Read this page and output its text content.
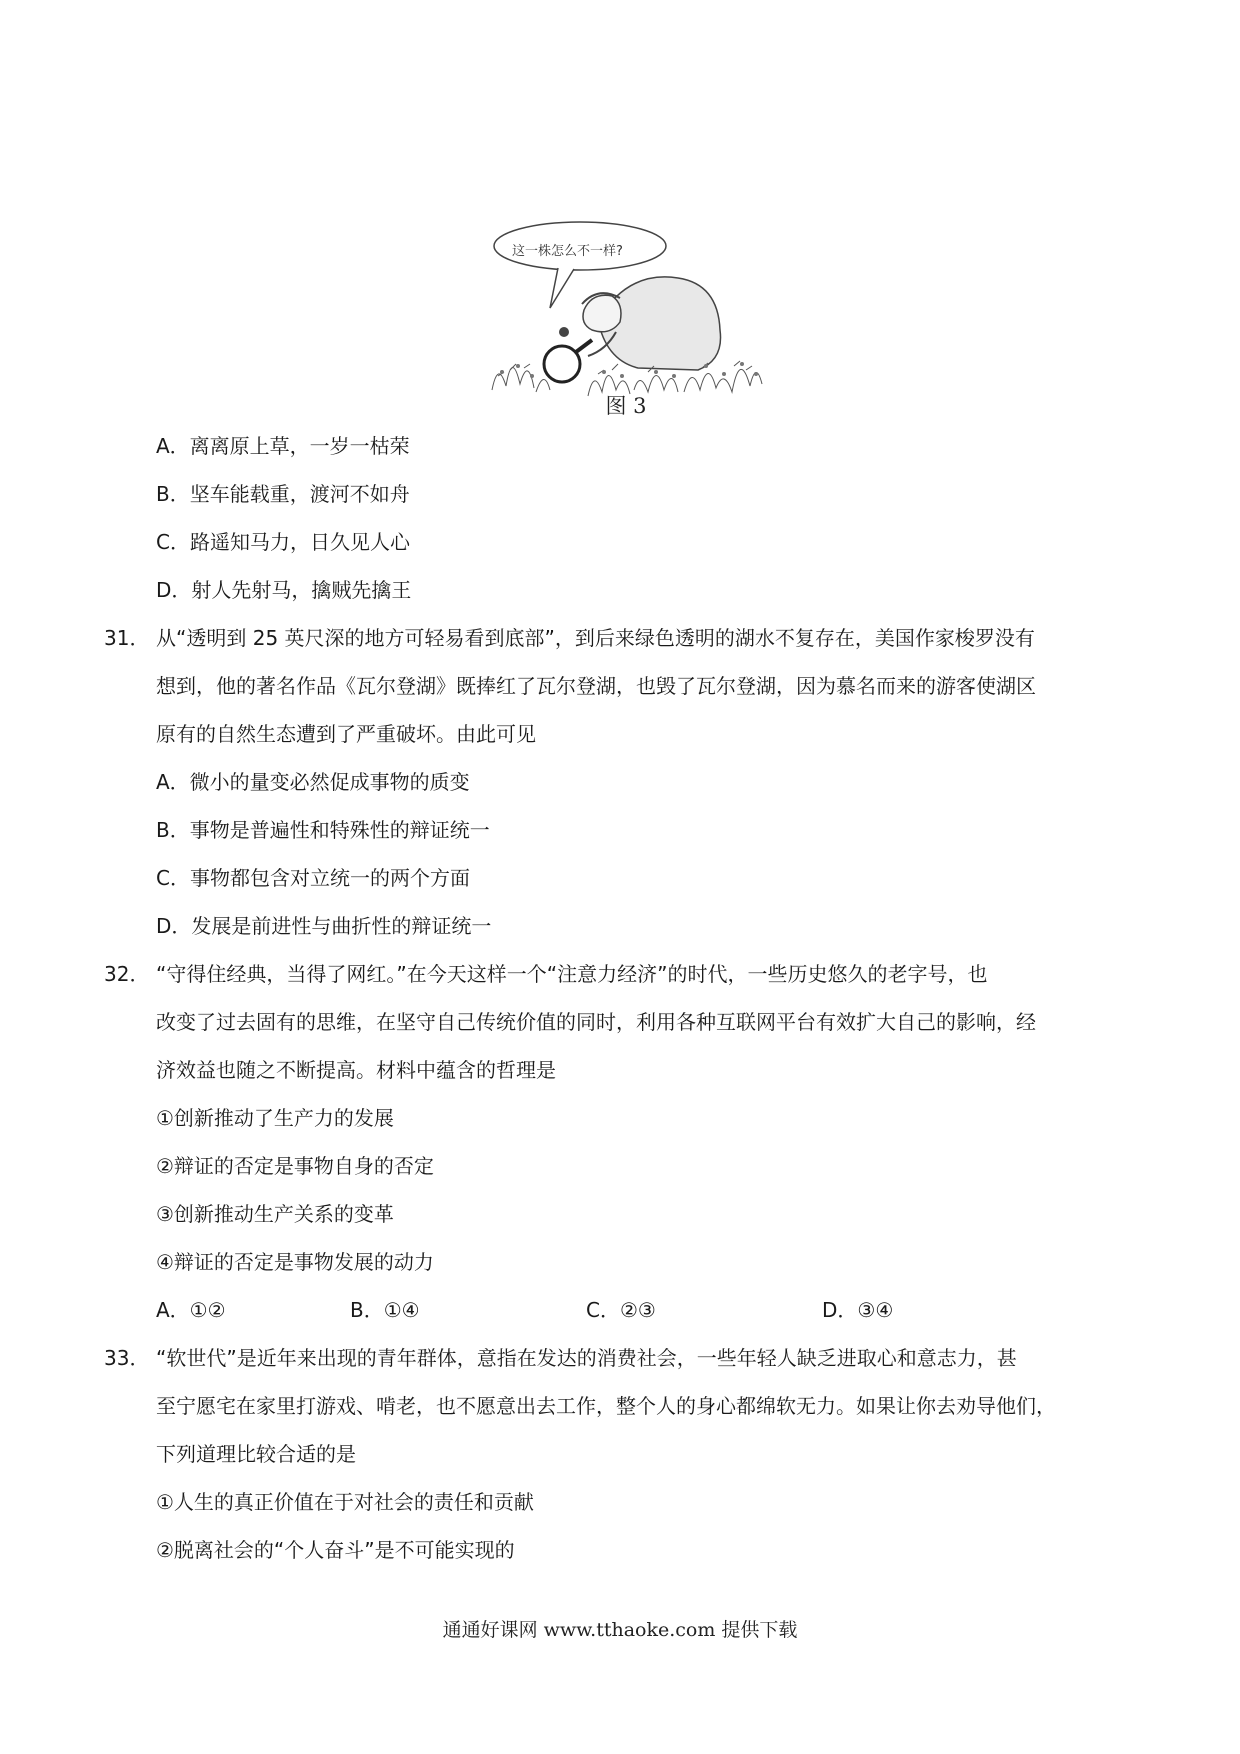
这一株怎么不一样?
图 3
A．离离原上草，一岁一枯荣
B．坚车能载重，渡河不如舟
C．路遥知马力，日久见人心
D．射人先射马，擒贼先擒王
31． 从“透明到 25 英尺深的地方可轻易看到底部”，到后来绿色透明的湖水不复存在，美国作家梭罗没有
想到，他的著名作品《瓦尔登湖》既捧红了瓦尔登湖，也毁了瓦尔登湖，因为慕名而来的游客使湖区
原有的自然生态遭到了严重破坏。由此可见
A．微小的量变必然促成事物的质变
B．事物是普遍性和特殊性的辩证统一
C．事物都包含对立统一的两个方面
D．发展是前进性与曲折性的辩证统一
32． “守得住经典，当得了网红。”在今天这样一个“注意力经济”的时代，一些历史悠久的老字号，也
改变了过去固有的思维，在坚守自己传统价值的同时，利用各种互联网平台有效扩大自己的影响，经
济效益也随之不断提高。材料中蕴含的哲理是
①创新推动了生产力的发展
②辩证的否定是事物自身的否定
③创新推动生产关系的变革
④辩证的否定是事物发展的动力
A．①②	B．①④	C．②③	D．③④
33． “软世代”是近年来出现的青年群体，意指在发达的消费社会，一些年轻人缺乏进取心和意志力，甚
至宁愿宅在家里打游戏、啃老，也不愿意出去工作，整个人的身心都绵软无力。如果让你去劝导他们，
下列道理比较合适的是
①人生的真正价值在于对社会的责任和贡献
②脱离社会的“个人奋斗”是不可能实现的
通通好课网 www.tthaoke.com 提供下载
